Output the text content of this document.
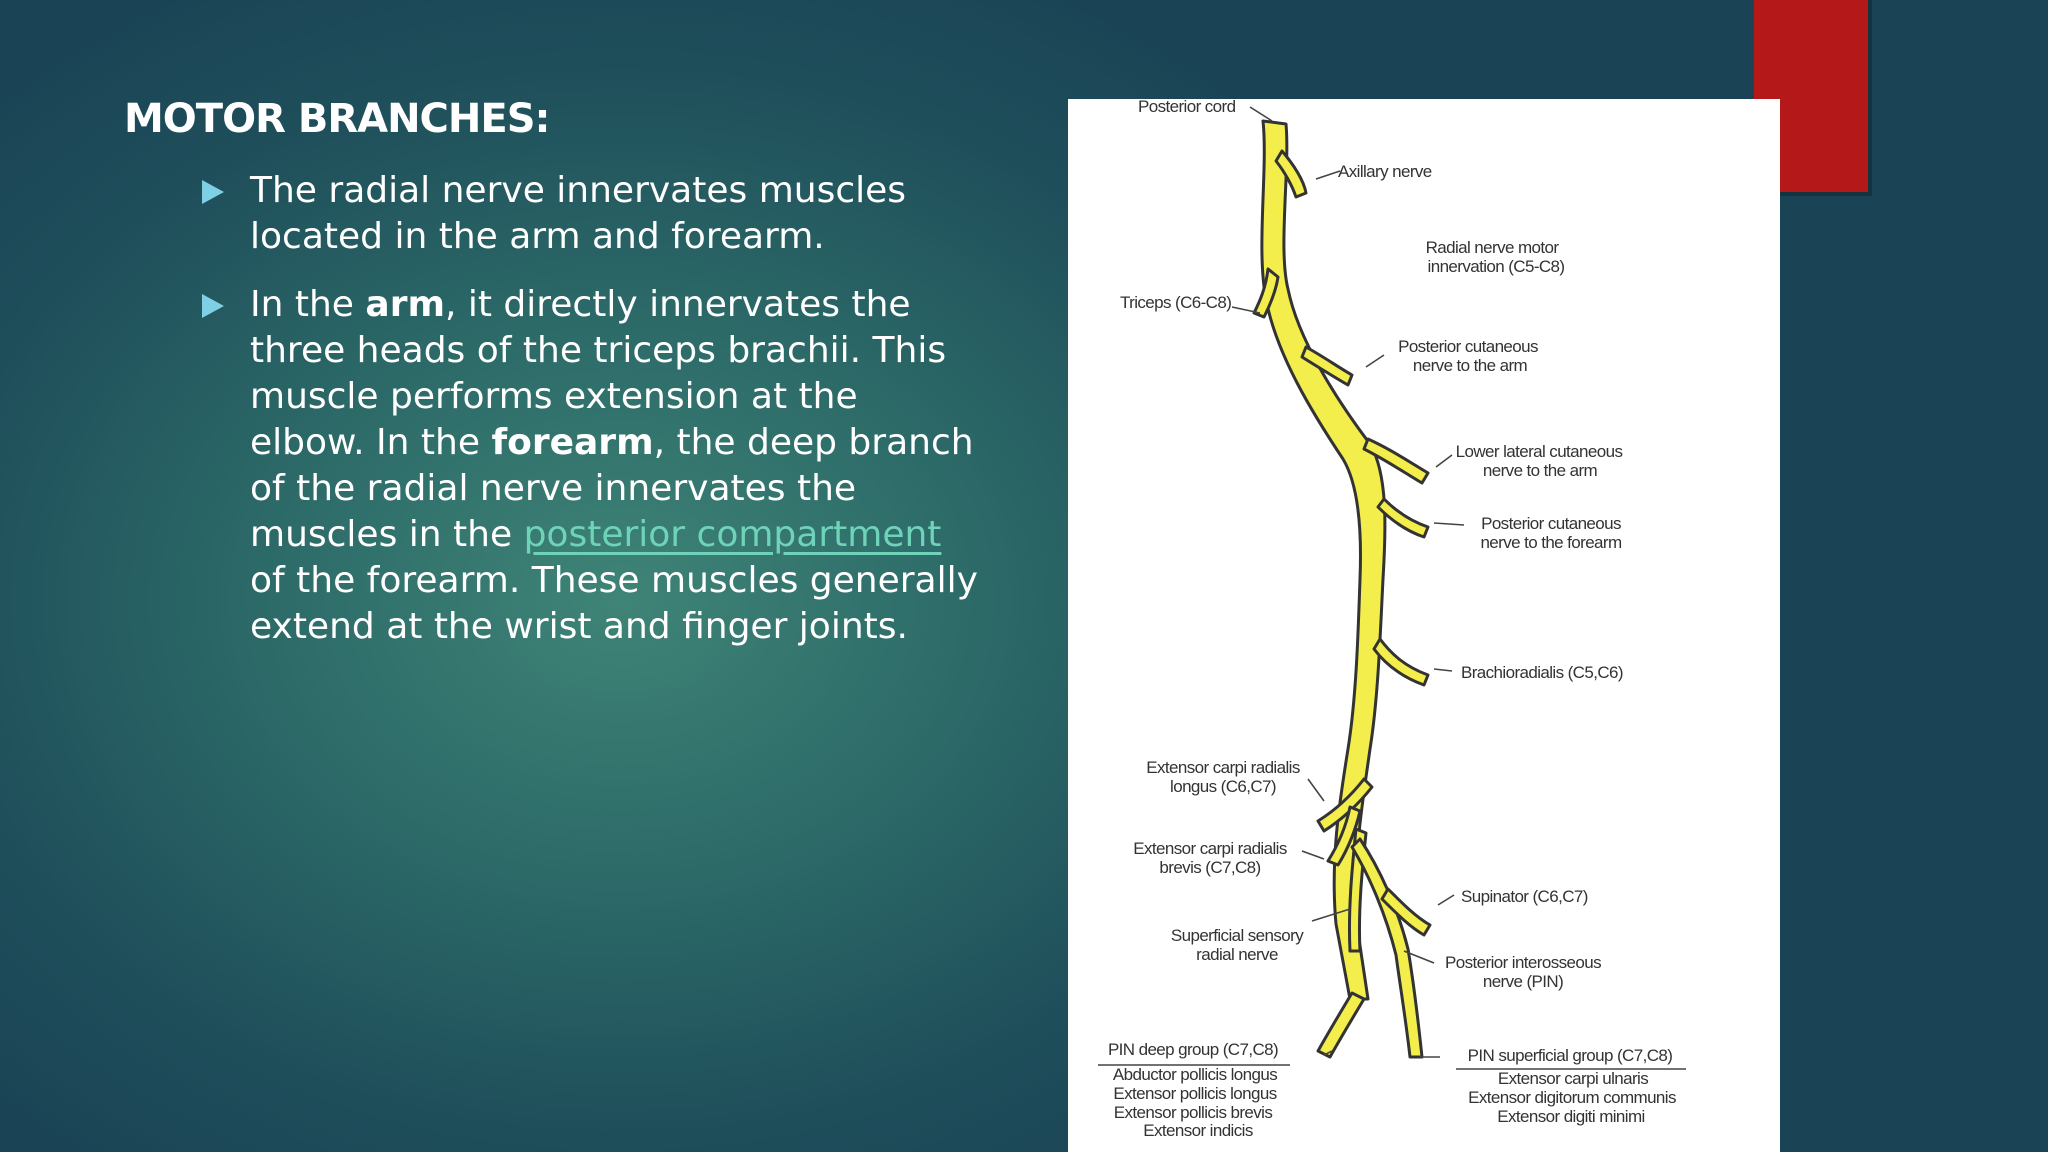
MOTOR BRANCHES:
The radial nerve innervates muscles located in the arm and forearm.
In the arm, it directly innervates the three heads of the triceps brachii. This muscle performs extension at the elbow. In the forearm, the deep branch of the radial nerve innervates the muscles in the posterior compartment of the forearm. These muscles generally extend at the wrist and finger joints.
Posterior cord
Axillary nerve
Radial nerve motor
innervation (C5-C8)
Triceps (C6-C8)
Posterior cutaneous
nerve to the arm
Lower lateral cutaneous
nerve to the arm
Posterior cutaneous
nerve to the forearm
Brachioradialis (C5,C6)
Extensor carpi radialis
longus (C6,C7)
Extensor carpi radialis
brevis (C7,C8)
Supinator (C6,C7)
Superficial sensory
radial nerve	Posterior interosseous
nerve (PIN)
PIN deep group (C7,C8)
Abductor pollicis longus
Extensor pollicis longus
Extensor pollicis brevis
Extensor indicis
PIN superficial group (C7,C8)
Extensor carpi ulnaris
Extensor digitorum communis
Extensor digiti minimi
